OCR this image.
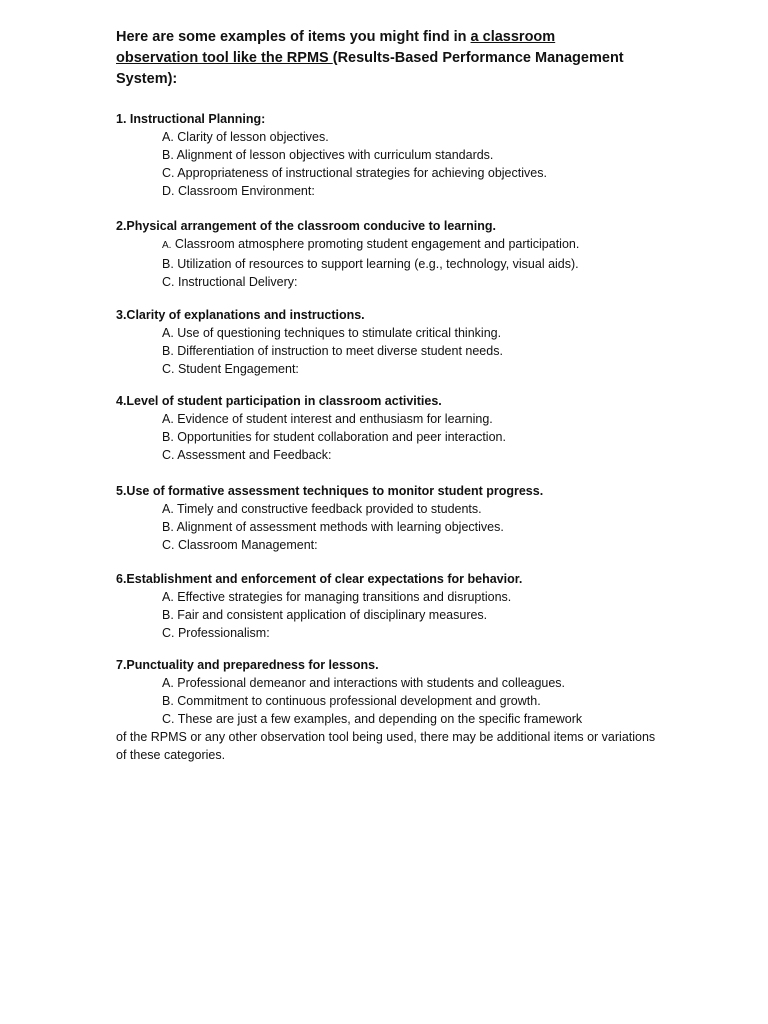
Here are some examples of items you might find in a classroom observation tool like the RPMS (Results-Based Performance Management System):
1. Instructional Planning:
A. Clarity of lesson objectives.
B. Alignment of lesson objectives with curriculum standards.
C. Appropriateness of instructional strategies for achieving objectives.
D. Classroom Environment:
2.Physical arrangement of the classroom conducive to learning.
A. Classroom atmosphere promoting student engagement and participation.
B. Utilization of resources to support learning (e.g., technology, visual aids).
C. Instructional Delivery:
3.Clarity of explanations and instructions.
A. Use of questioning techniques to stimulate critical thinking.
B. Differentiation of instruction to meet diverse student needs.
C. Student Engagement:
4.Level of student participation in classroom activities.
A. Evidence of student interest and enthusiasm for learning.
B. Opportunities for student collaboration and peer interaction.
C. Assessment and Feedback:
5.Use of formative assessment techniques to monitor student progress.
A. Timely and constructive feedback provided to students.
B. Alignment of assessment methods with learning objectives.
C. Classroom Management:
6.Establishment and enforcement of clear expectations for behavior.
A. Effective strategies for managing transitions and disruptions.
B. Fair and consistent application of disciplinary measures.
C. Professionalism:
7.Punctuality and preparedness for lessons.
A. Professional demeanor and interactions with students and colleagues.
B. Commitment to continuous professional development and growth.
C. These are just a few examples, and depending on the specific framework
of the RPMS or any other observation tool being used, there may be additional items or variations of these categories.
